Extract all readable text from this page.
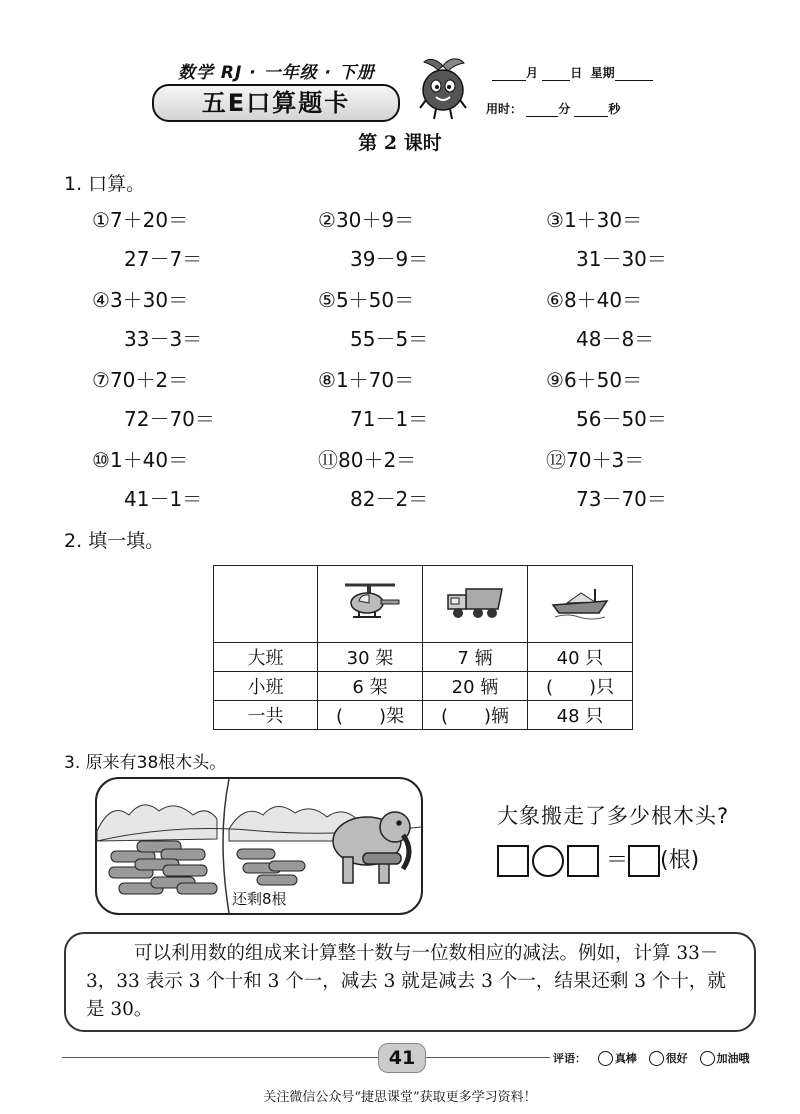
数学 RJ · 一年级 · 下册
五E口算题卡
月	日 星期
用时：	分	秒
第 2 课时
1. 口算。
①7＋20＝
27－7＝
②30＋9＝
39－9＝
③1＋30＝
31－30＝
④3＋30＝
33－3＝
⑤5＋50＝
55－5＝
⑥8＋40＝
48－8＝
⑦70＋2＝
72－70＝
⑧1＋70＝
71－1＝
⑨6＋50＝
56－50＝
⑩1＋40＝
41－1＝
⑪80＋2＝
82－2＝
⑫70＋3＝
73－70＝
2. 填一填。

大班	30 架	7 辆	40 只
小班	6 架	20 辆	(　　)只
一共	(　　)架	(　　)辆	48 只
3. 原来有38根木头。
还剩8根
大象搬走了多少根木头?
＝ (根)
可以利用数的组成来计算整十数与一位数相应的减法。例如，计算 33－3，33 表示 3 个十和 3 个一，减去 3 就是减去 3 个一，结果还剩 3 个十，就是 30。
41	评语：	真棒	很好	加油哦
关注微信公众号“捷思课堂”获取更多学习资料！
